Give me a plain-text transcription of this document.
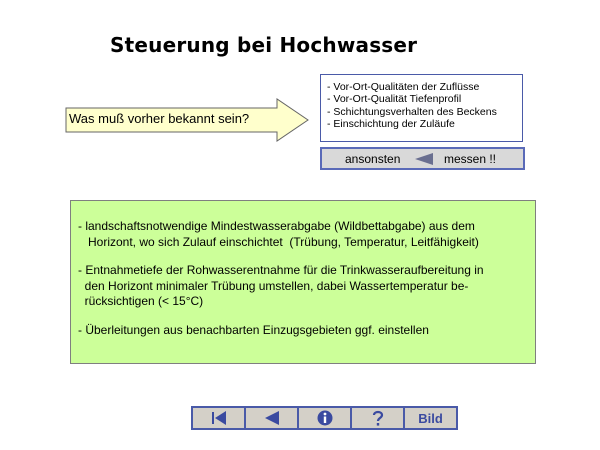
Steuerung bei Hochwasser
Was muß vorher bekannt sein?
- Vor-Ort-Qualitäten der Zuflüsse
- Vor-Ort-Qualität Tiefenprofil
- Schichtungsverhalten des Beckens
- Einschichtung der Zuläufe
ansonsten	messen !!
- landschaftsnotwendige Mindestwasserabgabe (Wildbettabgabe) aus dem
Horizont, wo sich Zulauf einschichtet  (Trübung, Temperatur, Leitfähigkeit)
- Entnahmetiefe der Rohwasserentnahme für die Trinkwasseraufbereitung in
den Horizont minimaler Trübung umstellen, dabei Wassertemperatur be-
rücksichtigen (< 15°C)
- Überleitungen aus benachbarten Einzugsgebieten ggf. einstellen
Bild
